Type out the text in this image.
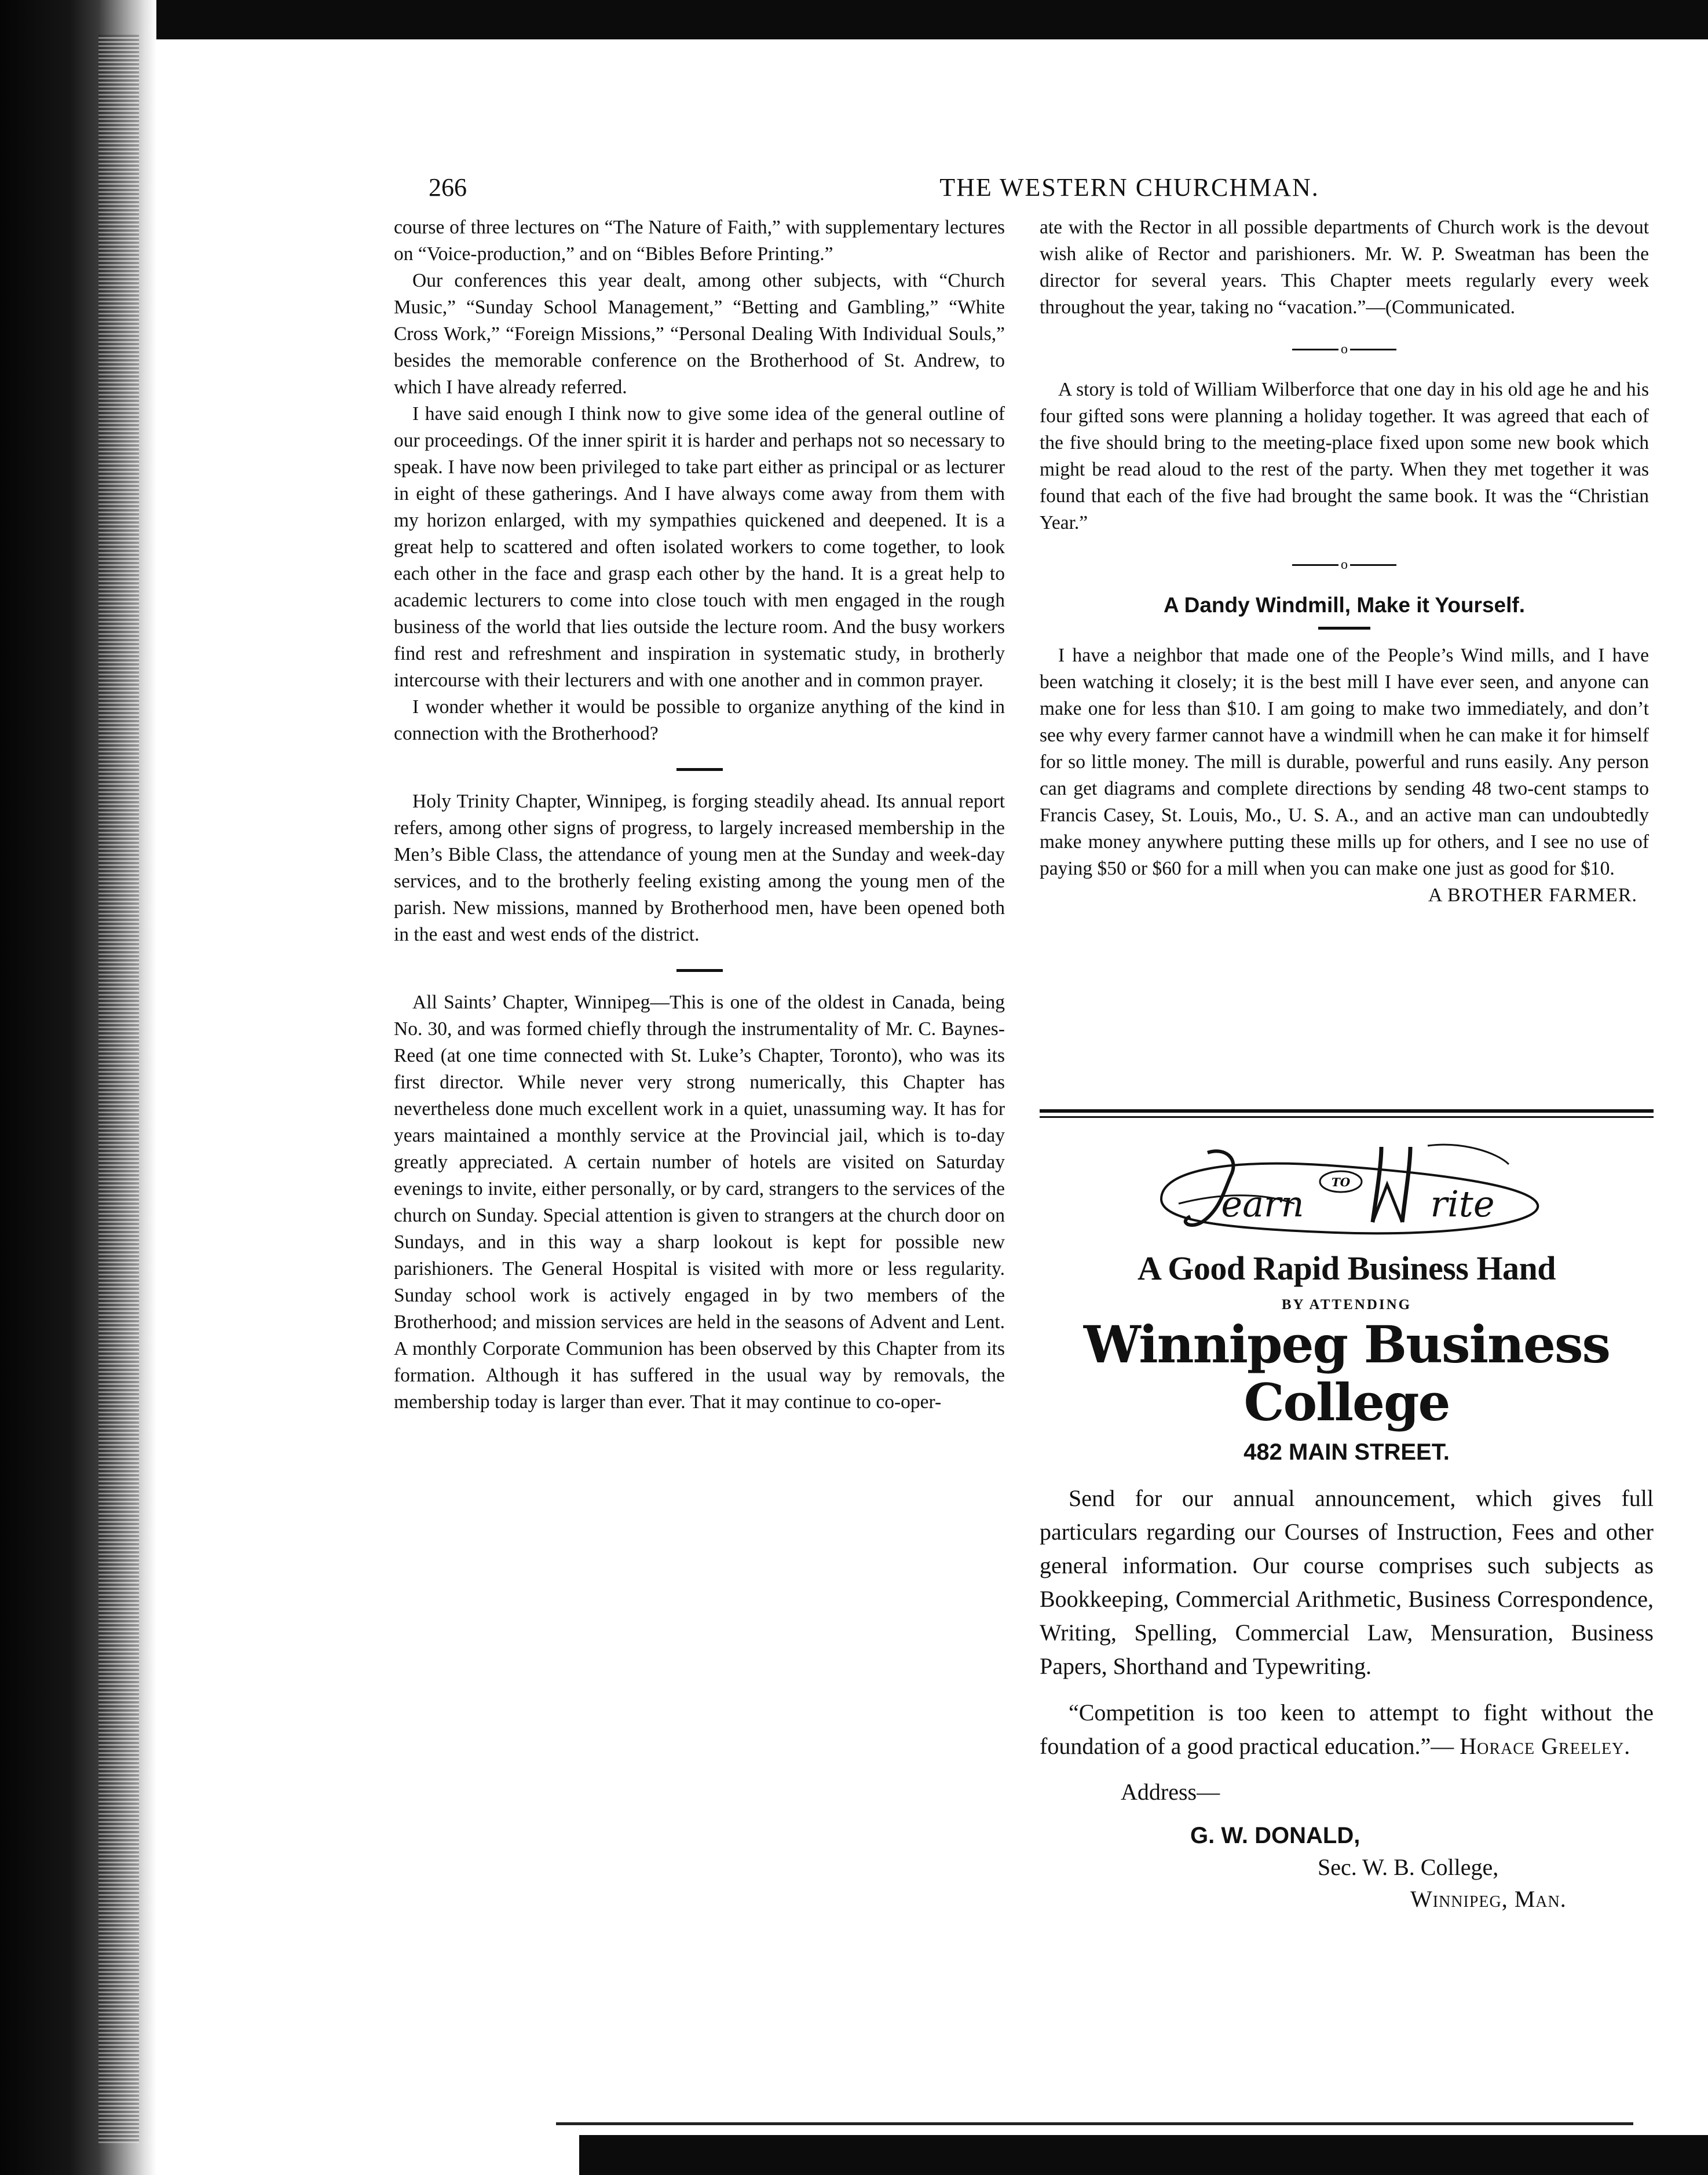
266	THE WESTERN CHURCHMAN.

course of three lectures on “The Nature of Faith,” with supplementary lectures on “Voice-production,” and on “Bibles Before Printing.”

Our conferences this year dealt, among other subjects, with “Church Music,” “Sunday School Management,” “Betting and Gambling,” “White Cross Work,” “Foreign Missions,” “Personal Dealing With Individual Souls,” besides the memorable conference on the Brotherhood of St. Andrew, to which I have already referred.

I have said enough I think now to give some idea of the general outline of our proceedings. Of the inner spirit it is harder and perhaps not so necessary to speak. I have now been privileged to take part either as principal or as lecturer in eight of these gatherings. And I have always come away from them with my horizon enlarged, with my sympathies quickened and deepened. It is a great help to scattered and often isolated workers to come together, to look each other in the face and grasp each other by the hand. It is a great help to academic lecturers to come into close touch with men engaged in the rough business of the world that lies outside the lecture room. And the busy workers find rest and refreshment and inspiration in systematic study, in brotherly intercourse with their lecturers and with one another and in common prayer.

I wonder whether it would be possible to organize anything of the kind in connection with the Brotherhood?

Holy Trinity Chapter, Winnipeg, is forging steadily ahead. Its annual report refers, among other signs of progress, to largely increased membership in the Men’s Bible Class, the attendance of young men at the Sunday and week-day services, and to the brotherly feeling existing among the young men of the parish. New missions, manned by Brotherhood men, have been opened both in the east and west ends of the district.

All Saints’ Chapter, Winnipeg—This is one of the oldest in Canada, being No. 30, and was formed chiefly through the instrumentality of Mr. C. Baynes-Reed (at one time connected with St. Luke’s Chapter, Toronto), who was its first director. While never very strong numerically, this Chapter has nevertheless done much excellent work in a quiet, unassuming way. It has for years maintained a monthly service at the Provincial jail, which is to-day greatly appreciated. A certain number of hotels are visited on Saturday evenings to invite, either personally, or by card, strangers to the services of the church on Sunday. Special attention is given to strangers at the church door on Sundays, and in this way a sharp lookout is kept for possible new parishioners. The General Hospital is visited with more or less regularity. Sunday school work is actively engaged in by two members of the Brotherhood; and mission services are held in the seasons of Advent and Lent. A monthly Corporate Communion has been observed by this Chapter from its formation. Although it has suffered in the usual way by removals, the membership today is larger than ever. That it may continue to co-oper-

ate with the Rector in all possible departments of Church work is the devout wish alike of Rector and parishioners. Mr. W. P. Sweatman has been the director for several years. This Chapter meets regularly every week throughout the year, taking no “vacation.”—(Communicated.

o

A story is told of William Wilberforce that one day in his old age he and his four gifted sons were planning a holiday together. It was agreed that each of the five should bring to the meeting-place fixed upon some new book which might be read aloud to the rest of the party. When they met together it was found that each of the five had brought the same book. It was the “Christian Year.”

o
A Dandy Windmill, Make it Yourself.

I have a neighbor that made one of the People’s Wind mills, and I have been watching it closely; it is the best mill I have ever seen, and anyone can make one for less than $10. I am going to make two immediately, and don’t see why every farmer cannot have a windmill when he can make it for himself for so little money. The mill is durable, powerful and runs easily. Any person can get diagrams and complete directions by sending 48 two-cent stamps to Francis Casey, St. Louis, Mo., U. S. A., and an active man can undoubtedly make money anywhere putting these mills up for others, and I see no use of paying $50 or $60 for a mill when you can make one just as good for $10.

A BROTHER FARMER.
TO
earn	rite
A Good Rapid Business Hand
BY ATTENDING
Winnipeg Business College
482 MAIN STREET.
Send for our annual announcement, which gives full particulars regarding our Courses of Instruction, Fees and other general information. Our course comprises such subjects as Bookkeeping, Commercial Arithmetic, Business Correspondence, Writing, Spelling, Commercial Law, Mensuration, Business Papers, Shorthand and Typewriting.
“Competition is too keen to attempt to fight without the foundation of a good practical education.”— Horace Greeley.
Address—
G. W. DONALD,
Sec. W. B. College,
Winnipeg, Man.
